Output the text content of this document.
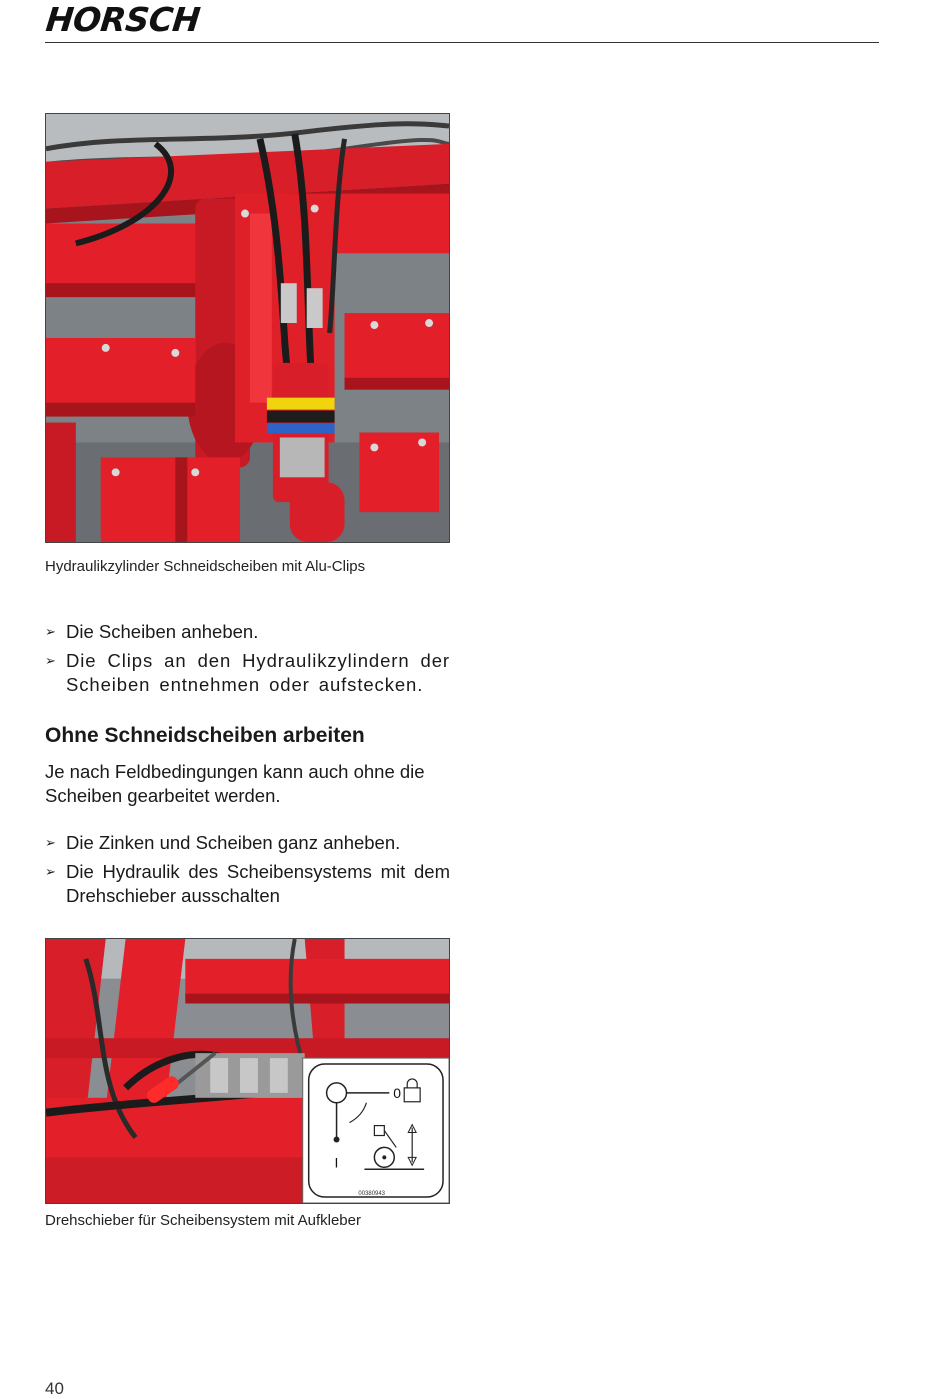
HORSCH
Hydraulikzylinder Schneidscheiben mit Alu-Clips
➢ Die Scheiben anheben.
➢ Die Clips an den Hydraulikzylindern der Scheiben entnehmen oder aufstecken.
Ohne Schneidscheiben arbeiten

Je nach Feldbedingungen kann auch ohne die Scheiben gearbeitet werden.

➢ Die Zinken und Scheiben ganz anheben.
➢ Die Hydraulik des Scheibensystems mit dem Drehschieber ausschalten
0
I
00380943
Drehschieber für Scheibensystem mit Aufkleber
40
